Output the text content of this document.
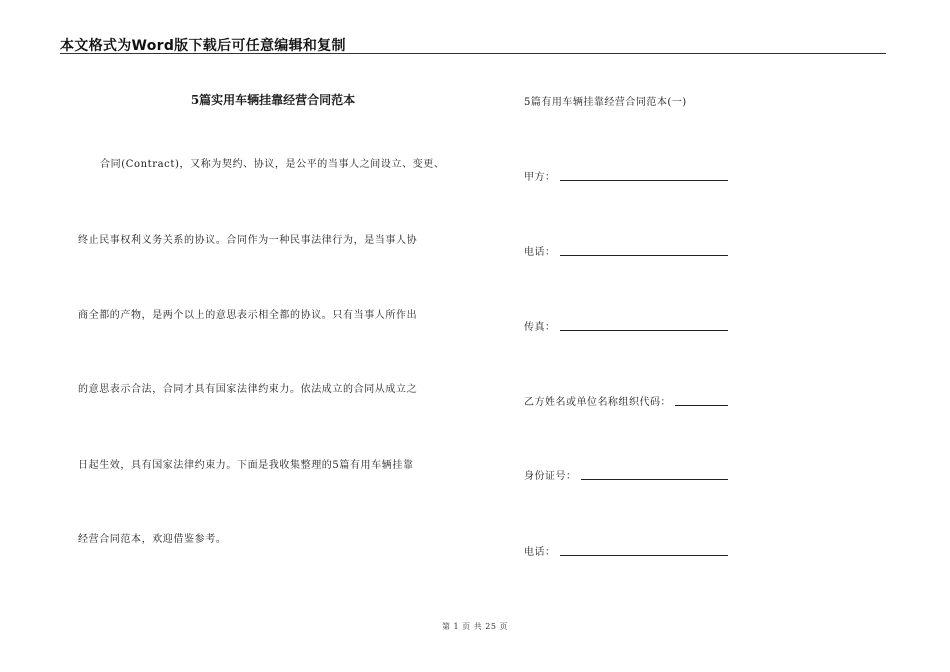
本文格式为Word版下载后可任意编辑和复制
5篇实用车辆挂靠经营合同范本
合同(Contract)，又称为契约、协议，是公平的当事人之间设立、变更、
终止民事权利义务关系的协议。合同作为一种民事法律行为，是当事人协
商全都的产物，是两个以上的意思表示相全都的协议。只有当事人所作出
的意思表示合法，合同才具有国家法律约束力。依法成立的合同从成立之
日起生效，具有国家法律约束力。下面是我收集整理的5篇有用车辆挂靠
经营合同范本，欢迎借鉴参考。
5篇有用车辆挂靠经营合同范本(一)
甲方：
电话：
传真：
乙方姓名或单位名称组织代码：
身份证号：
电话：
第 1 页 共 25 页
